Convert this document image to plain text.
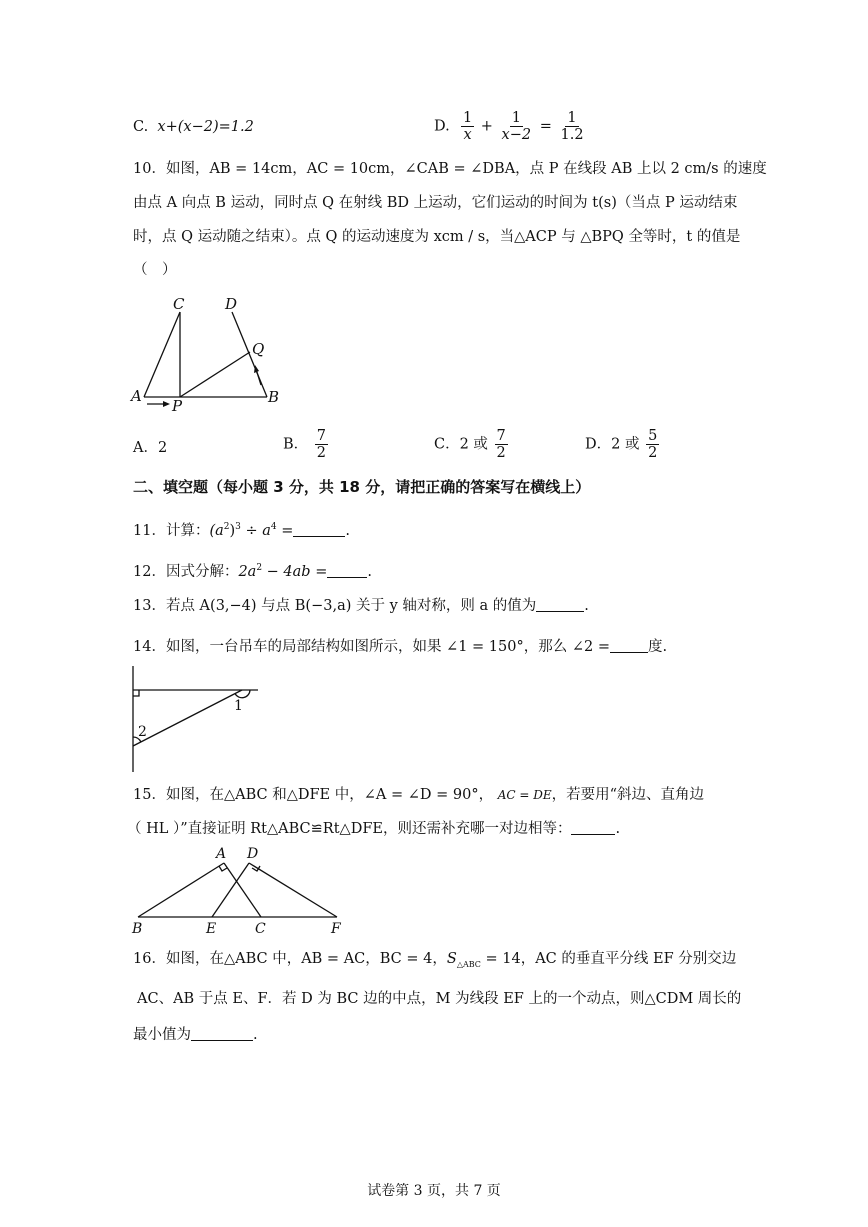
C. x+(x−2)=1.2	D. $\frac{1}{x} + \frac{1}{x-2} = \frac{1}{1.2}$
10．如图，AB = 14cm，AC = 10cm，∠CAB = ∠DBA，点 P 在线段 AB 上以 2 cm/s 的速度
由点 A 向点 B 运动，同时点 Q 在射线 BD 上运动，它们运动的时间为 t(s)（当点 P 运动结束
时，点 Q 运动随之结束）。点 Q 的运动速度为 xcm / s，当△ACP 与 △BPQ 全等时，t 的值是
（　）
A	B
C	D
P
Q
A．2	B． $\frac{7}{2}$	C．2 或 $\frac{7}{2}$	D．2 或 $\frac{5}{2}$
二、填空题（每小题 3 分，共 18 分，请把正确的答案写在横线上）
11．计算：$(a^2)^3 \div a^4$ =	.
12．因式分解：$2a^2 - 4ab$ =	.
13．若点 A(3,−4) 与点 B(−3,a) 关于 y 轴对称，则 a 的值为	.
14．如图，一台吊车的局部结构如图所示，如果 ∠1 = 150°，那么 ∠2 =	度.
1
2
15．如图，在△ABC 和△DFE 中，∠A = ∠D = 90°， AC = DE，若要用“斜边、直角边
（ HL ）”直接证明 Rt△ABC≌Rt△DFE，则还需补充哪一对边相等：	.
A D
B	E	C	F
16．如图，在△ABC 中，AB = AC，BC = 4，$S_{\triangle ABC} = 14$，AC 的垂直平分线 EF 分别交边
AC、AB 于点 E、F．若 D 为 BC 边的中点，M 为线段 EF 上的一个动点，则△CDM 周长的
最小值为	.
试卷第 3 页，共 7 页
